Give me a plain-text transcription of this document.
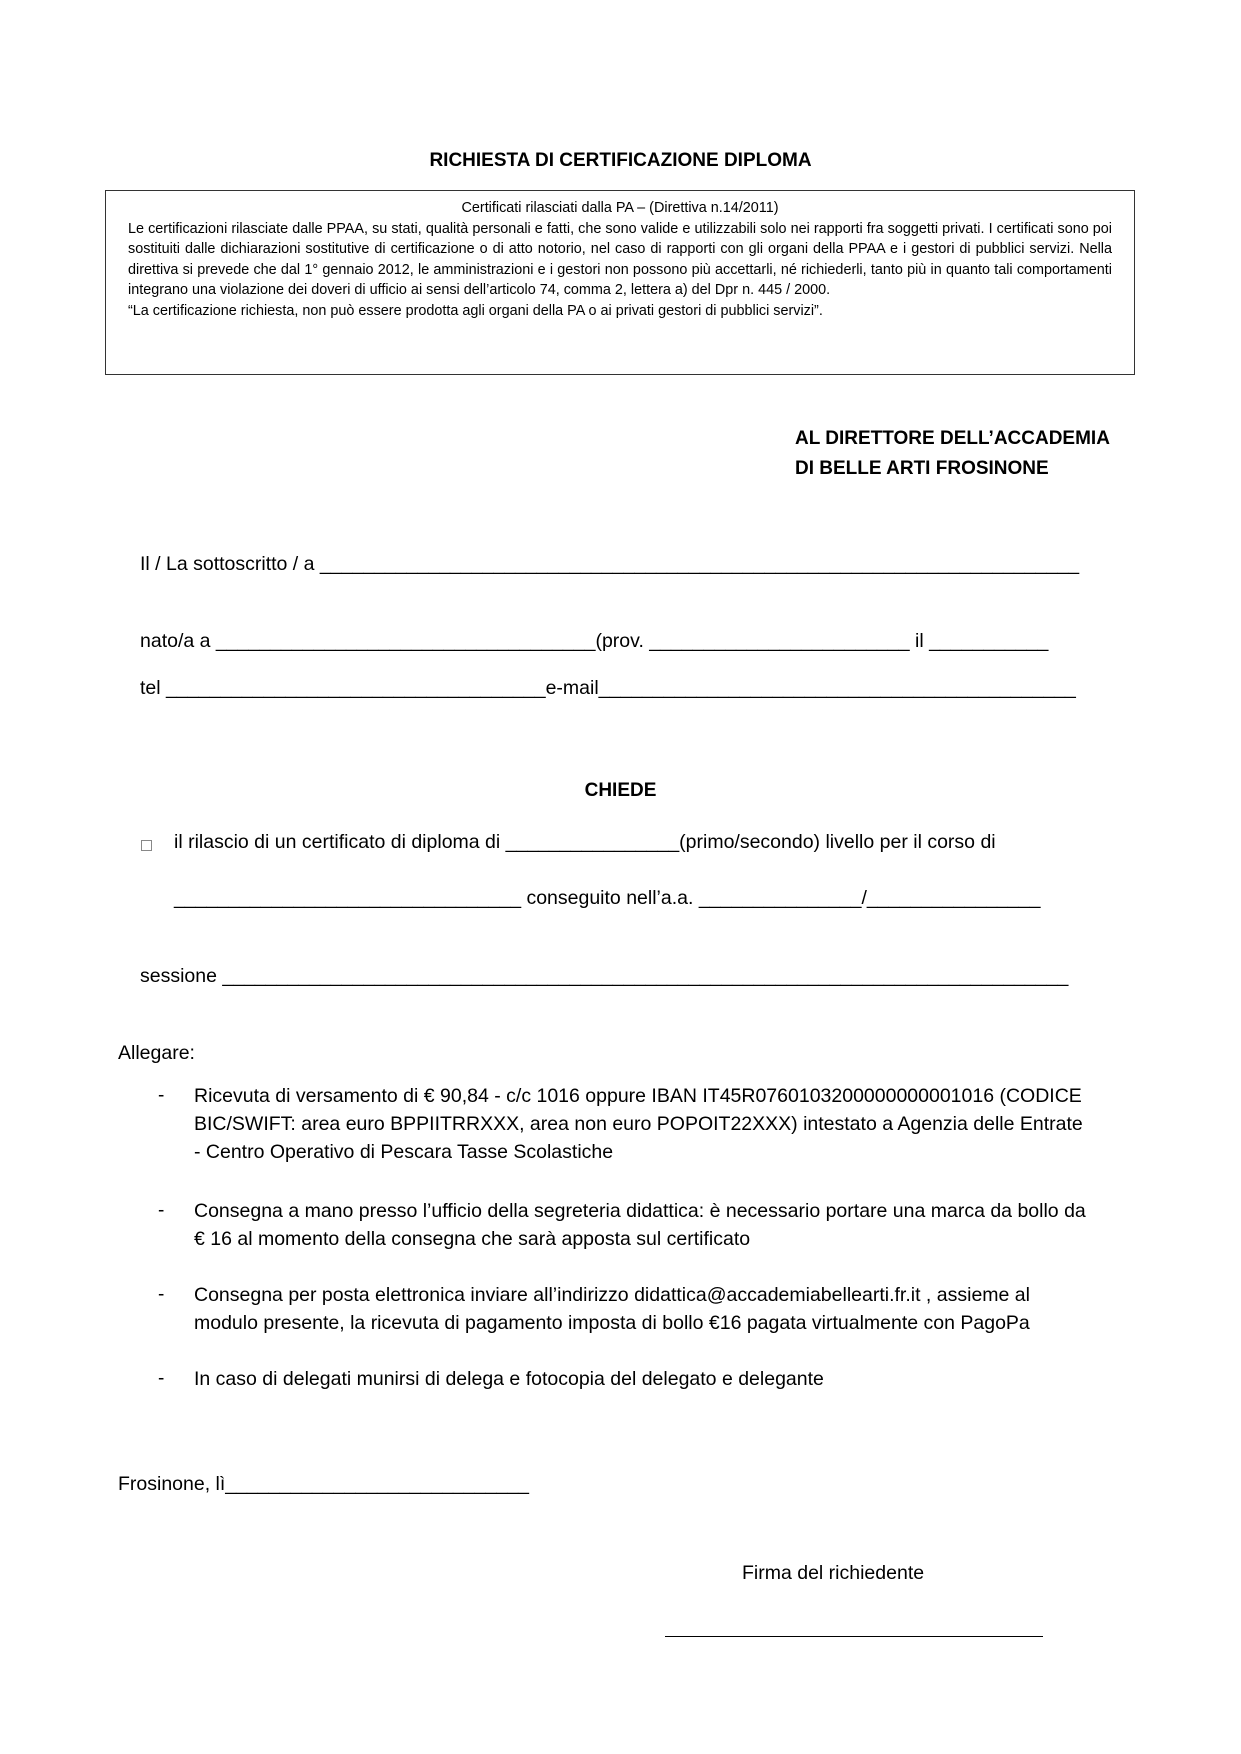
RICHIESTA DI CERTIFICAZIONE DIPLOMA
Certificati rilasciati dalla PA – (Direttiva n.14/2011)
Le certificazioni rilasciate dalle PPAA, su stati, qualità personali e fatti, che sono valide e utilizzabili solo nei rapporti fra soggetti privati. I certificati sono poi sostituiti dalle dichiarazioni sostitutive di certificazione o di atto notorio, nel caso di rapporti con gli organi della PPAA e i gestori di pubblici servizi. Nella direttiva si prevede che dal 1° gennaio 2012, le amministrazioni e i gestori non possono più accettarli, né richiederli, tanto più in quanto tali comportamenti integrano una violazione dei doveri di ufficio ai sensi dell’articolo 74, comma 2, lettera a) del Dpr n. 445 / 2000.
“La certificazione richiesta, non può essere prodotta agli organi della PA o ai privati gestori di pubblici servizi”.
AL DIRETTORE DELL’ACCADEMIA
DI BELLE ARTI FROSINONE
Il / La sottoscritto / a ______________________________________________________________________
nato/a a ___________________________________(prov. ________________________ il ___________
tel ___________________________________e-mail____________________________________________
CHIEDE
il rilascio di un certificato di diploma di ________________(primo/secondo) livello per il corso di
________________________________ conseguito nell’a.a. _______________/________________
sessione ______________________________________________________________________________
Allegare:
- Ricevuta di versamento di € 90,84 - c/c 1016 oppure IBAN IT45R0760103200000000001016 (CODICE BIC/SWIFT: area euro BPPIITRRXXX, area non euro POPOIT22XXX) intestato a Agenzia delle Entrate - Centro Operativo di Pescara Tasse Scolastiche
- Consegna a mano presso l’ufficio della segreteria didattica: è necessario portare una marca da bollo da € 16 al momento della consegna che sarà apposta sul certificato
- Consegna per posta elettronica inviare all’indirizzo didattica@accademiabellearti.fr.it , assieme al modulo presente, la ricevuta di pagamento imposta di bollo €16 pagata virtualmente con PagoPa
- In caso di delegati munirsi di delega e fotocopia del delegato e delegante
Frosinone, lì____________________________
Firma del richiedente
